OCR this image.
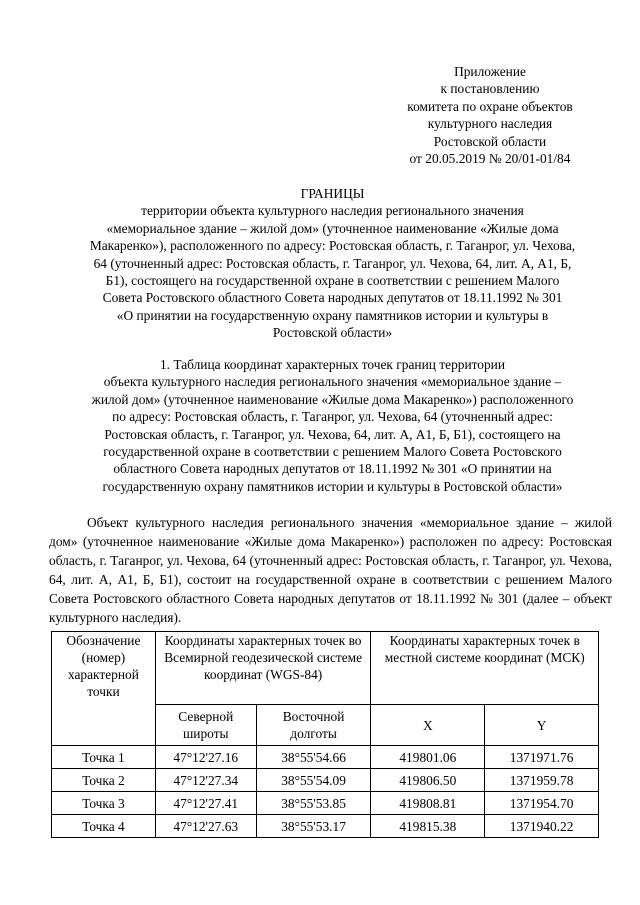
Приложение
к постановлению
комитета по охране объектов
культурного наследия
Ростовской области
от 20.05.2019 № 20/01-01/84
ГРАНИЦЫ
территории объекта культурного наследия регионального значения
«мемориальное здание – жилой дом» (уточненное наименование «Жилые дома
Макаренко»), расположенного по адресу: Ростовская область, г. Таганрог, ул. Чехова,
64 (уточненный адрес: Ростовская область, г. Таганрог, ул. Чехова, 64, лит. А, А1, Б,
Б1), состоящего на государственной охране в соответствии с решением Малого
Совета Ростовского областного Совета народных депутатов от 18.11.1992 № 301
«О принятии на государственную охрану памятников истории и культуры в
Ростовской области»
1. Таблица координат характерных точек границ территории
объекта культурного наследия регионального значения «мемориальное здание –
жилой дом» (уточненное наименование «Жилые дома Макаренко») расположенного
по адресу: Ростовская область, г. Таганрог, ул. Чехова, 64 (уточненный адрес:
Ростовская область, г. Таганрог, ул. Чехова, 64, лит. А, А1, Б, Б1), состоящего на
государственной охране в соответствии с решением Малого Совета Ростовского
областного Совета народных депутатов от 18.11.1992 № 301 «О принятии на
государственную охрану памятников истории и культуры в Ростовской области»
Объект культурного наследия регионального значения «мемориальное здание – жилой дом» (уточненное наименование «Жилые дома Макаренко») расположен по адресу: Ростовская область, г. Таганрог, ул. Чехова, 64 (уточненный адрес: Ростовская область, г. Таганрог, ул. Чехова, 64, лит. А, А1, Б, Б1), состоит на государственной охране в соответствии с решением Малого Совета Ростовского областного Совета народных депутатов от 18.11.1992 № 301 (далее – объект культурного наследия).
Обозначение (номер) характерной точки	Координаты характерных точек во Всемирной геодезической системе координат (WGS-84)		Координаты характерных точек в местной системе координат (МСК)	
	Северной широты	Восточной долготы	X	Y
Точка 1	47°12'27.16	38°55'54.66	419801.06	1371971.76
Точка 2	47°12'27.34	38°55'54.09	419806.50	1371959.78
Точка 3	47°12'27.41	38°55'53.85	419808.81	1371954.70
Точка 4	47°12'27.63	38°55'53.17	419815.38	1371940.22
